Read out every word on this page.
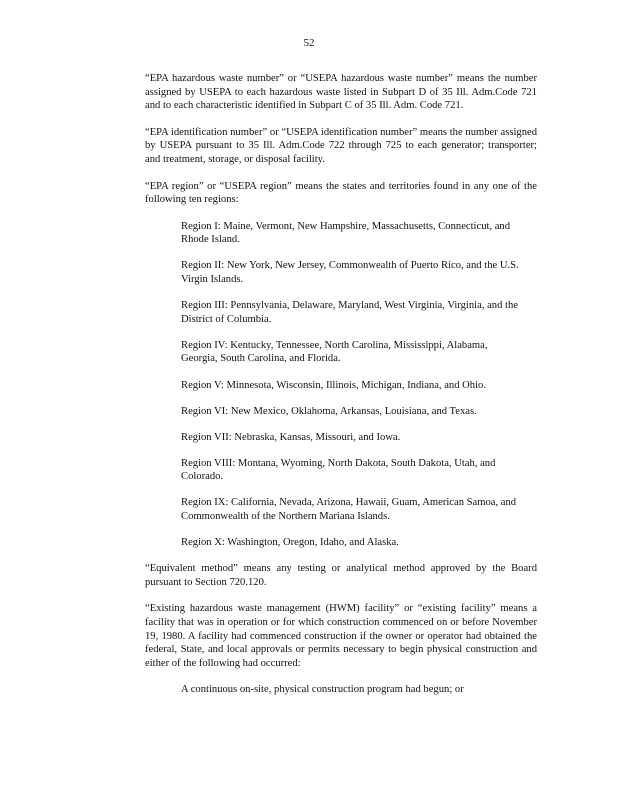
52

“EPA hazardous waste number” or “USEPA hazardous waste number” means the number assigned by USEPA to each hazardous waste listed in Subpart D of 35 Ill. Adm.Code 721 and to each characteristic identified in Subpart C of 35 Ill. Adm. Code 721.

“EPA identification number” or “USEPA identification number” means the number assigned by USEPA pursuant to 35 Ill. Adm.Code 722 through 725 to each generator; transporter; and treatment, storage, or disposal facility.

“EPA region” or “USEPA region” means the states and territories found in any one of the following ten regions:

Region I: Maine, Vermont, New Hampshire, Massachusetts, Connecticut, and Rhode Island.
Region II: New York, New Jersey, Commonwealth of Puerto Rico, and the U.S. Virgin Islands.
Region III: Pennsylvania, Delaware, Maryland, West Virginia, Virginia, and the District of Columbia.
Region IV: Kentucky, Tennessee, North Carolina, Mississippi, Alabama, Georgia, South Carolina, and Florida.
Region V: Minnesota, Wisconsin, Illinois, Michigan, Indiana, and Ohio.
Region VI: New Mexico, Oklahoma, Arkansas, Louisiana, and Texas.
Region VII: Nebraska, Kansas, Missouri, and Iowa.
Region VIII: Montana, Wyoming, North Dakota, South Dakota, Utah, and Colorado.
Region IX: California, Nevada, Arizona, Hawaii, Guam, American Samoa, and Commonwealth of the Northern Mariana Islands.
Region X: Washington, Oregon, Idaho, and Alaska.

“Equivalent method” means any testing or analytical method approved by the Board pursuant to Section 720.120.

“Existing hazardous waste management (HWM) facility” or “existing facility” means a facility that was in operation or for which construction commenced on or before November 19, 1980. A facility had commenced construction if the owner or operator had obtained the federal, State, and local approvals or permits necessary to begin physical construction and either of the following had occurred:

A continuous on-site, physical construction program had begun; or
